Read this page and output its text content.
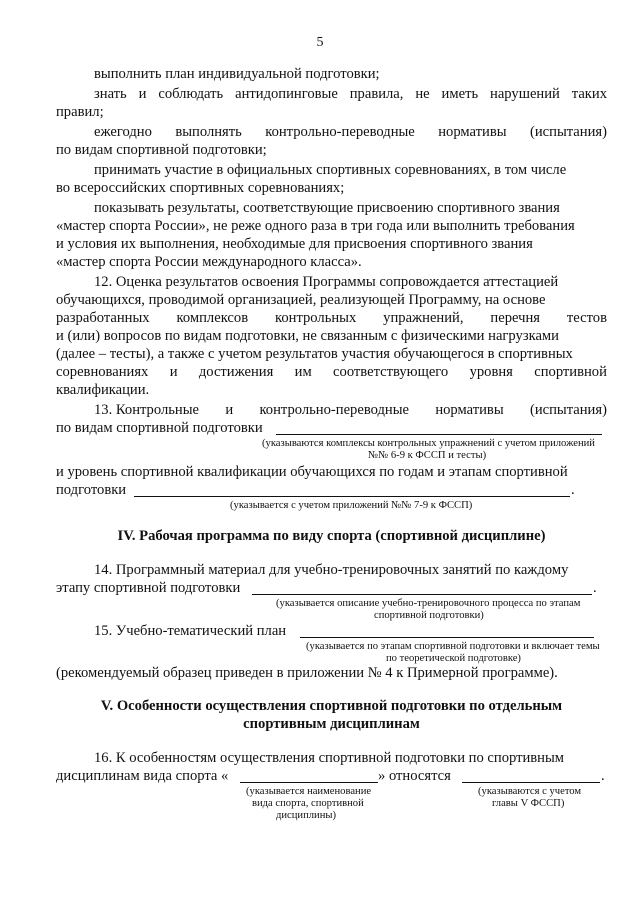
5
выполнить план индивидуальной подготовки;
знать и соблюдать антидопинговые правила, не иметь нарушений таких
правил;
ежегодно выполнять контрольно-переводные нормативы (испытания)
по видам спортивной подготовки;
принимать участие в официальных спортивных соревнованиях, в том числе
во всероссийских спортивных соревнованиях;
показывать результаты, соответствующие присвоению спортивного звания
«мастер спорта России», не реже одного раза в три года или выполнить требования
и условия их выполнения, необходимые для присвоения спортивного звания
«мастер спорта России международного класса».
12. Оценка результатов освоения Программы сопровождается аттестацией
обучающихся, проводимой организацией, реализующей Программу, на основе
разработанных комплексов контрольных упражнений, перечня тестов
и (или) вопросов по видам подготовки, не связанным с физическими нагрузками
(далее – тесты), а также с учетом результатов участия обучающегося в спортивных
соревнованиях и достижения им соответствующего уровня спортивной
квалификации.
13. Контрольные и контрольно-переводные нормативы (испытания)
по видам спортивной подготовки
(указываются комплексы контрольных упражнений с учетом приложений
№№ 6-9 к ФССП и тесты)
и уровень спортивной квалификации обучающихся по годам и этапам спортивной
подготовки	.
(указывается с учетом приложений №№ 7-9 к ФССП)
IV. Рабочая программа по виду спорта (спортивной дисциплине)
14. Программный материал для учебно-тренировочных занятий по каждому
этапу спортивной подготовки	.
(указывается описание учебно-тренировочного процесса по этапам
спортивной подготовки)
15. Учебно-тематический план
(указывается по этапам спортивной подготовки и включает темы
по теоретической подготовке)
(рекомендуемый образец приведен в приложении № 4 к Примерной программе).
V. Особенности осуществления спортивной подготовки по отдельным
спортивным дисциплинам
16. К особенностям осуществления спортивной подготовки по спортивным
дисциплинам вида спорта «	» относятся	.
(указывается наименование
вида спорта, спортивной
дисциплины)
(указываются с учетом
главы V ФССП)
